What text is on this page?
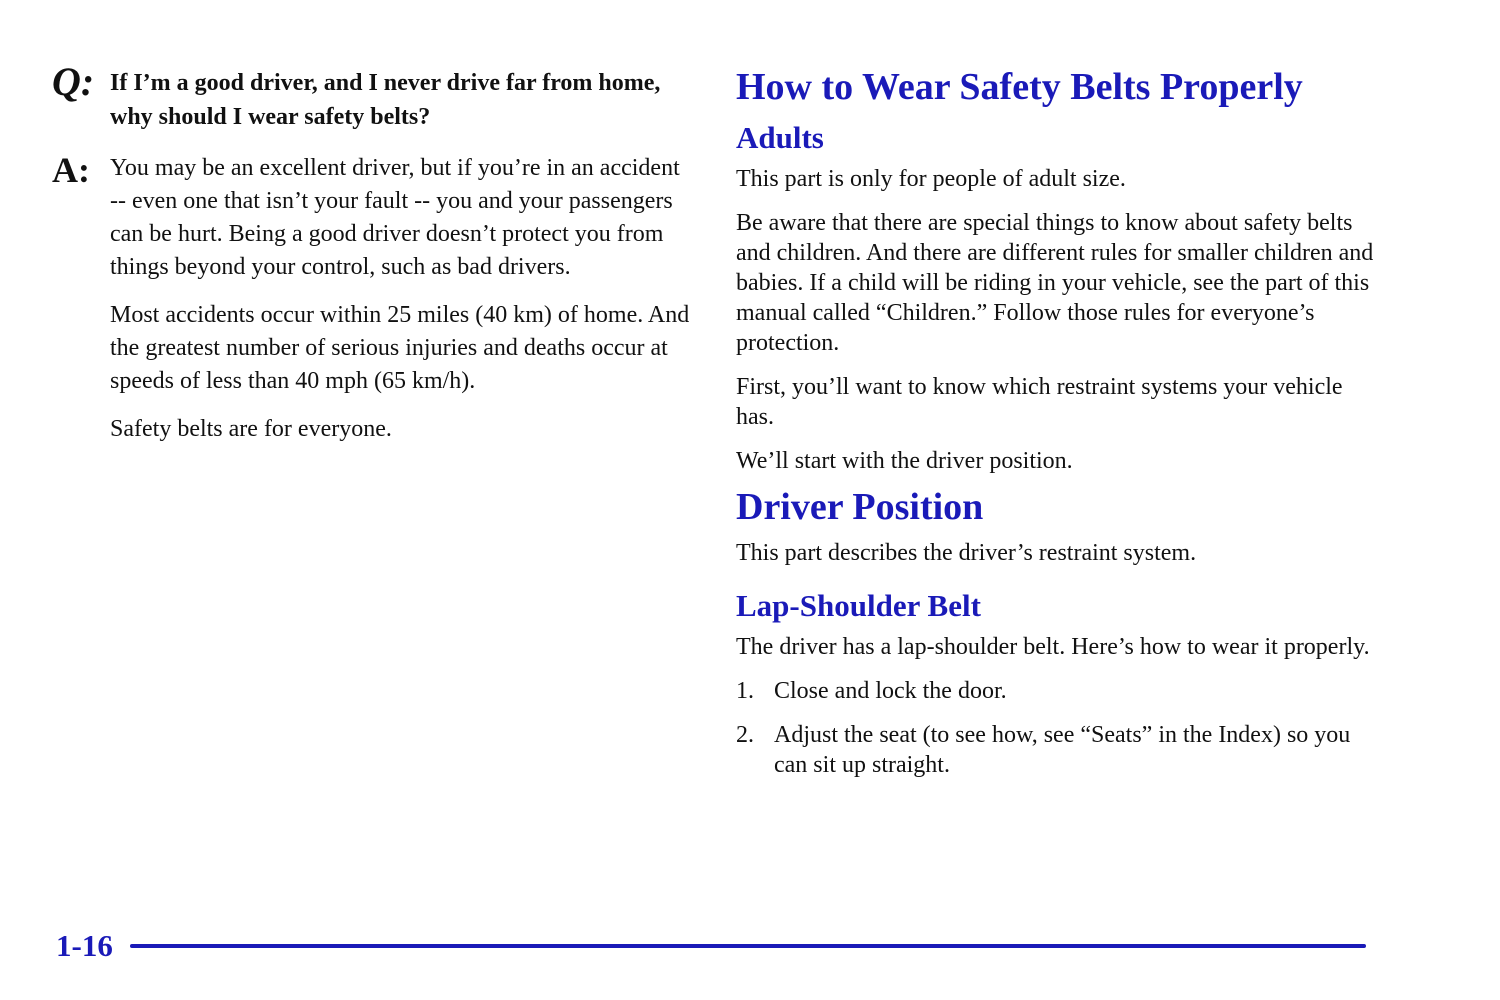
Q: If I’m a good driver, and I never drive far from home, why should I wear safety belts?
A: You may be an excellent driver, but if you’re in an accident -- even one that isn’t your fault -- you and your passengers can be hurt. Being a good driver doesn’t protect you from things beyond your control, such as bad drivers.

Most accidents occur within 25 miles (40 km) of home. And the greatest number of serious injuries and deaths occur at speeds of less than 40 mph (65 km/h).

Safety belts are for everyone.

How to Wear Safety Belts Properly
Adults

This part is only for people of adult size.

Be aware that there are special things to know about safety belts and children. And there are different rules for smaller children and babies. If a child will be riding in your vehicle, see the part of this manual called “Children.” Follow those rules for everyone’s protection.

First, you’ll want to know which restraint systems your vehicle has.

We’ll start with the driver position.

Driver Position

This part describes the driver’s restraint system.

Lap-Shoulder Belt

The driver has a lap-shoulder belt. Here’s how to wear it properly.

1. Close and lock the door.
2. Adjust the seat (to see how, see “Seats” in the Index) so you can sit up straight.
1-16
